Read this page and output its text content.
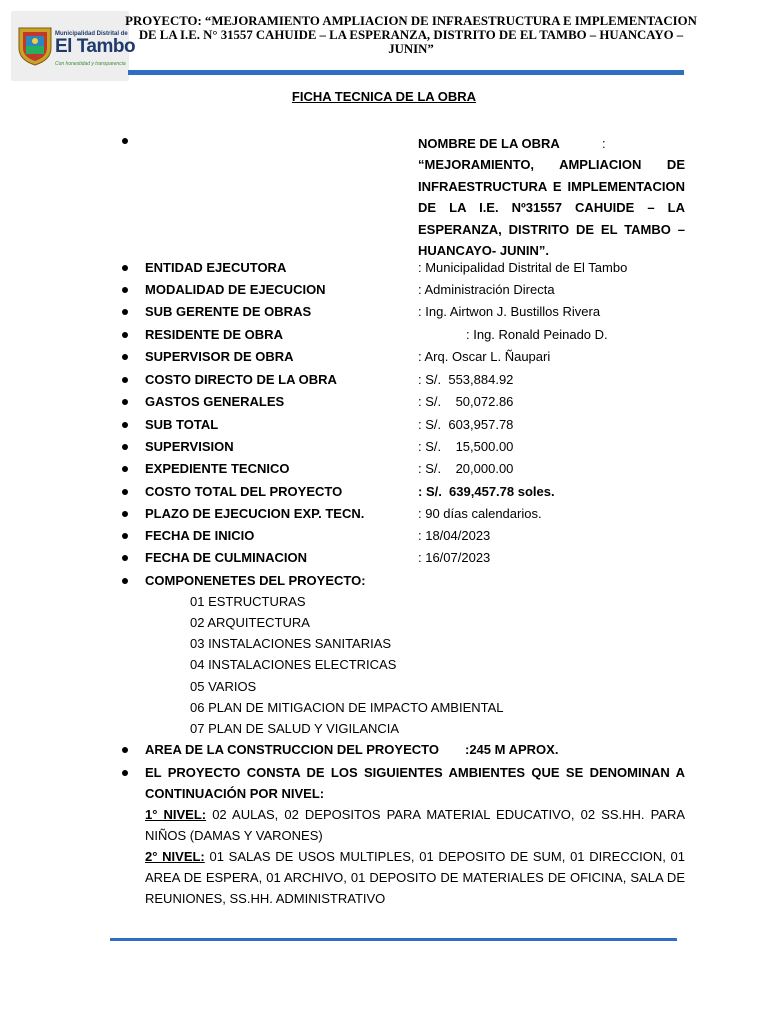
Municipalidad Distrital de
El Tambo
Con honestidad y transparencia
PROYECTO: “MEJORAMIENTO AMPLIACION DE INFRAESTRUCTURA E IMPLEMENTACION DE LA I.E. N° 31557 CAHUIDE – LA ESPERANZA, DISTRITO DE EL TAMBO – HUANCAYO – JUNIN”
FICHA TECNICA DE LA OBRA
NOMBRE DE LA OBRA	:
“MEJORAMIENTO, AMPLIACION DE INFRAESTRUCTURA E IMPLEMENTACION DE LA I.E. Nº31557 CAHUIDE – LA ESPERANZA, DISTRITO DE EL TAMBO – HUANCAYO- JUNIN”.
ENTIDAD EJECUTORA	: Municipalidad Distrital de El Tambo
MODALIDAD DE EJECUCION	: Administración Directa
SUB GERENTE DE OBRAS	: Ing. Airtwon J. Bustillos Rivera
RESIDENTE DE OBRA	: Ing. Ronald Peinado D.
SUPERVISOR DE OBRA	: Arq. Oscar L. Ñaupari
COSTO DIRECTO DE LA OBRA	: S/.  553,884.92
GASTOS GENERALES	: S/.    50,072.86
SUB TOTAL	: S/.  603,957.78
SUPERVISION	: S/.    15,500.00
EXPEDIENTE TECNICO	: S/.    20,000.00
COSTO TOTAL DEL PROYECTO	: S/.  639,457.78 soles.
PLAZO DE EJECUCION EXP. TECN.	: 90 días calendarios.
FECHA DE INICIO	: 18/04/2023
FECHA DE CULMINACION	: 16/07/2023
COMPONENETES DEL PROYECTO:
01 ESTRUCTURAS
02 ARQUITECTURA
03 INSTALACIONES SANITARIAS
04 INSTALACIONES ELECTRICAS
05 VARIOS
06 PLAN DE MITIGACION DE IMPACTO AMBIENTAL
07 PLAN DE SALUD Y VIGILANCIA
AREA DE LA CONSTRUCCION DEL PROYECTO :245 M APROX.
EL PROYECTO CONSTA DE LOS SIGUIENTES AMBIENTES QUE SE DENOMINAN A CONTINUACIÓN POR NIVEL:
1° NIVEL: 02 AULAS, 02 DEPOSITOS PARA MATERIAL EDUCATIVO, 02 SS.HH. PARA NIÑOS (DAMAS Y VARONES)
2° NIVEL: 01 SALAS DE USOS MULTIPLES, 01 DEPOSITO DE SUM, 01 DIRECCION, 01 AREA DE ESPERA, 01 ARCHIVO, 01 DEPOSITO DE MATERIALES DE OFICINA, SALA DE REUNIONES, SS.HH. ADMINISTRATIVO
